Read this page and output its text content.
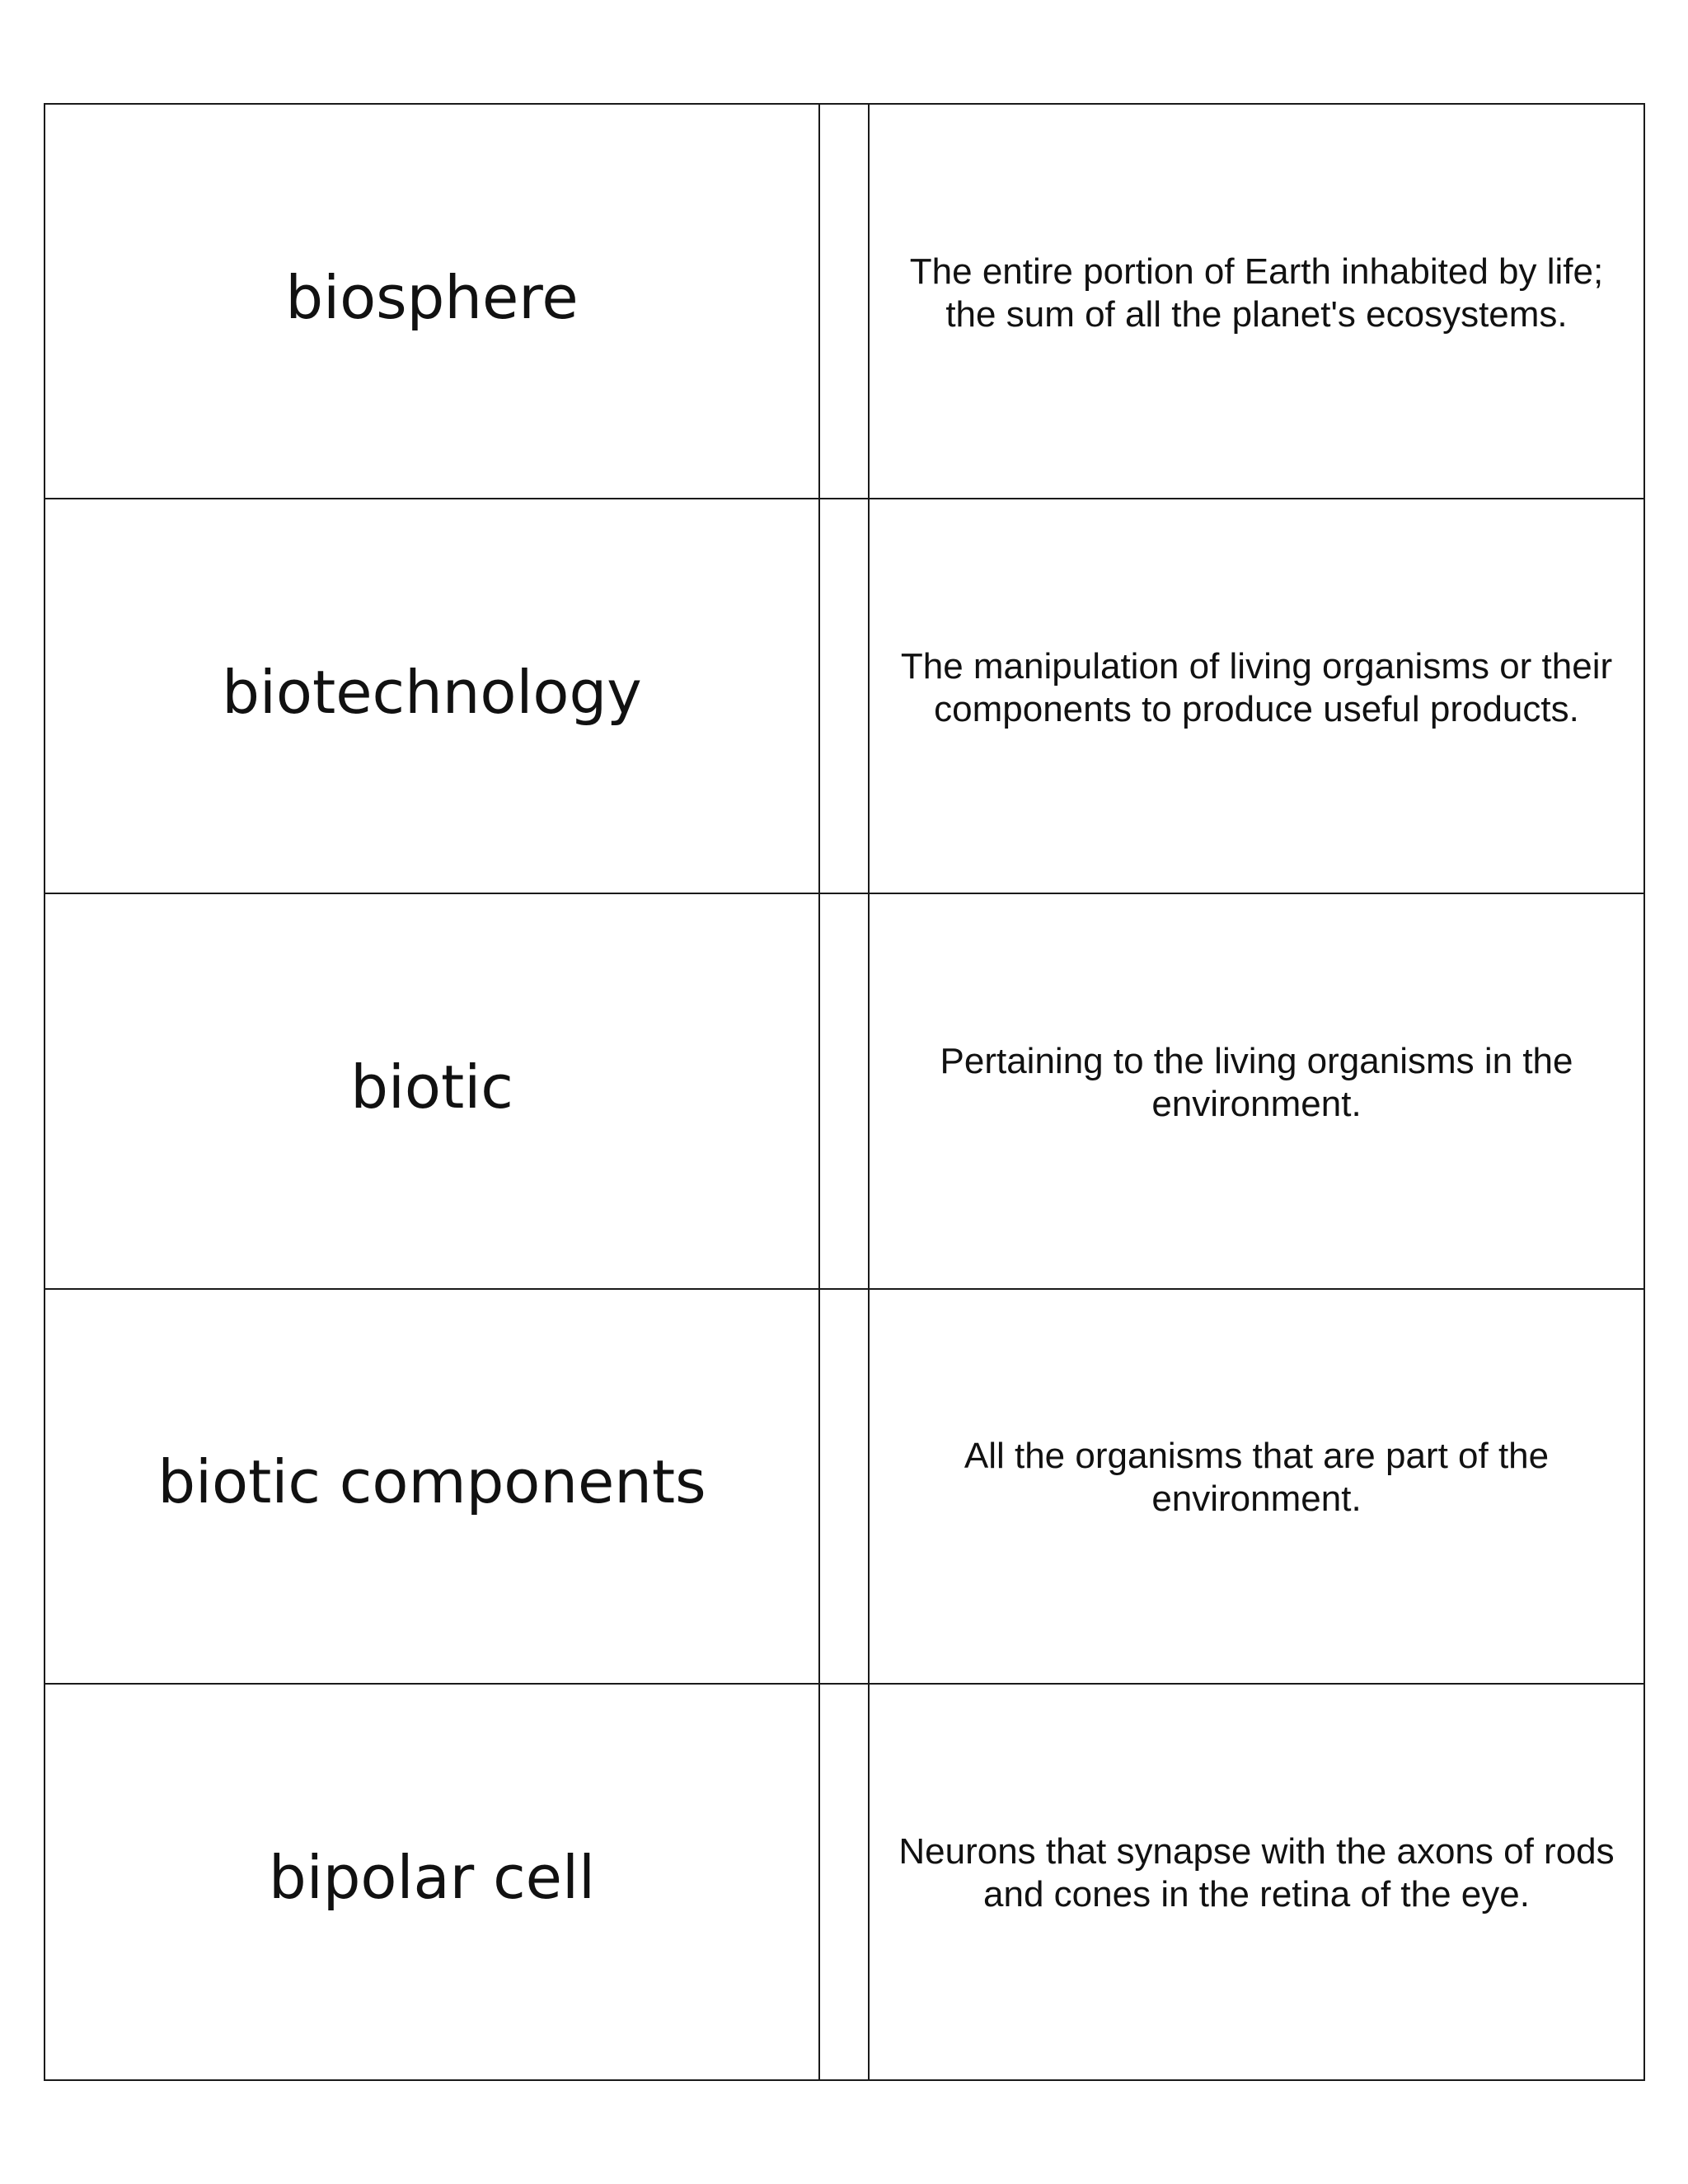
biosphere	The entire portion of Earth inhabited by life; the sum of all the planet's ecosystems.
biotechnology	The manipulation of living organisms or their components to produce useful products.
biotic	Pertaining to the living organisms in the environment.
biotic components	All the organisms that are part of the environment.
bipolar cell	Neurons that synapse with the axons of rods and cones in the retina of the eye.
